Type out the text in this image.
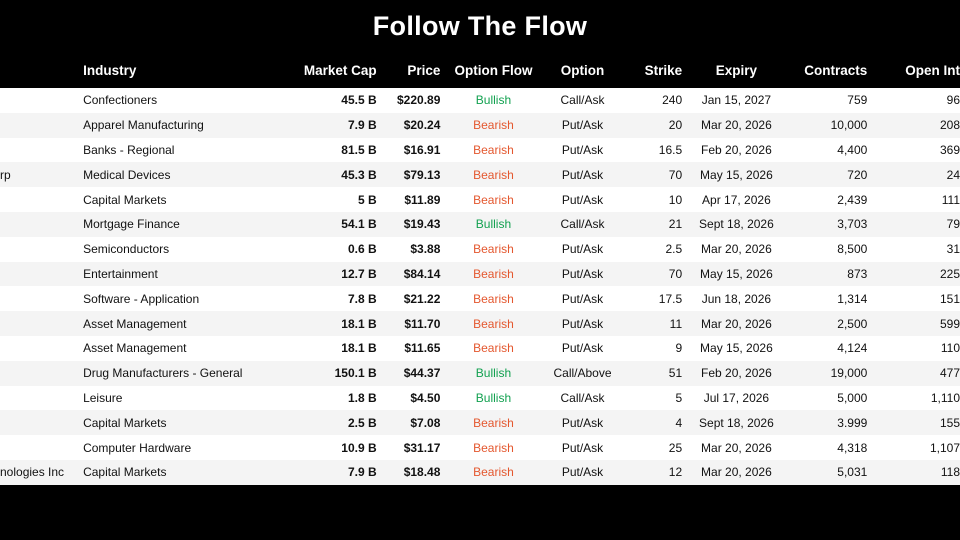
Follow The Flow
Industry	Market Cap	Price	Option Flow	Option	Strike	Expiry	Contracts	Open Int
Confectioners	45.5 B	$220.89	Bullish	Call/Ask	240	Jan 15, 2027	759	96
Apparel Manufacturing	7.9 B	$20.24	Bearish	Put/Ask	20	Mar 20, 2026	10,000	208
Banks - Regional	81.5 B	$16.91	Bearish	Put/Ask	16.5	Feb 20, 2026	4,400	369
rp	Medical Devices	45.3 B	$79.13	Bearish	Put/Ask	70	May 15, 2026	720	24
Capital Markets	5 B	$11.89	Bearish	Put/Ask	10	Apr 17, 2026	2,439	111
Mortgage Finance	54.1 B	$19.43	Bullish	Call/Ask	21	Sept 18, 2026	3,703	79
Semiconductors	0.6 B	$3.88	Bearish	Put/Ask	2.5	Mar 20, 2026	8,500	31
Entertainment	12.7 B	$84.14	Bearish	Put/Ask	70	May 15, 2026	873	225
Software - Application	7.8 B	$21.22	Bearish	Put/Ask	17.5	Jun 18, 2026	1,314	151
Asset Management	18.1 B	$11.70	Bearish	Put/Ask	11	Mar 20, 2026	2,500	599
Asset Management	18.1 B	$11.65	Bearish	Put/Ask	9	May 15, 2026	4,124	110
Drug Manufacturers - General	150.1 B	$44.37	Bullish	Call/Above	51	Feb 20, 2026	19,000	477
Leisure	1.8 B	$4.50	Bullish	Call/Ask	5	Jul 17, 2026	5,000	1,110
Capital Markets	2.5 B	$7.08	Bearish	Put/Ask	4	Sept 18, 2026	3.999	155
Computer Hardware	10.9 B	$31.17	Bearish	Put/Ask	25	Mar 20, 2026	4,318	1,107
nologies Inc	Capital Markets	7.9 B	$18.48	Bearish	Put/Ask	12	Mar 20, 2026	5,031	118
